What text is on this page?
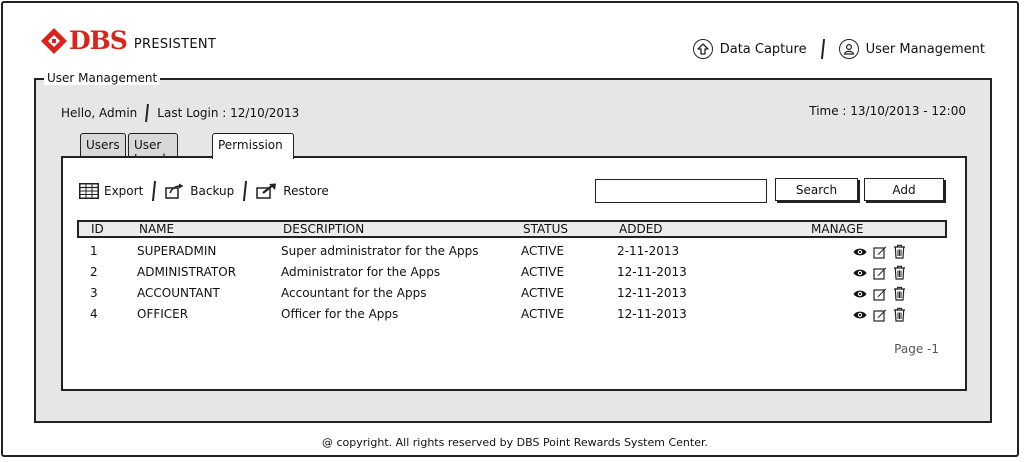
DBS PRESISTENT	Data Capture	User Management
User Management
Hello, Admin Last Login : 12/10/2013	Time : 13/10/2013 - 12:00
Users	User	Permission
Export	Backup	Restore	Search	Add
ID	NAME	DESCRIPTION	STATUS	ADDED	MANAGE
1	SUPERADMIN	Super administrator for the Apps	ACTIVE	2-11-2013
2	ADMINISTRATOR	Administrator for the Apps	ACTIVE	12-11-2013
3	ACCOUNTANT	Accountant for the Apps	ACTIVE	12-11-2013
4	OFFICER	Officer for the Apps	ACTIVE	12-11-2013
Page -1
@ copyright. All rights reserved by DBS Point Rewards System Center.
